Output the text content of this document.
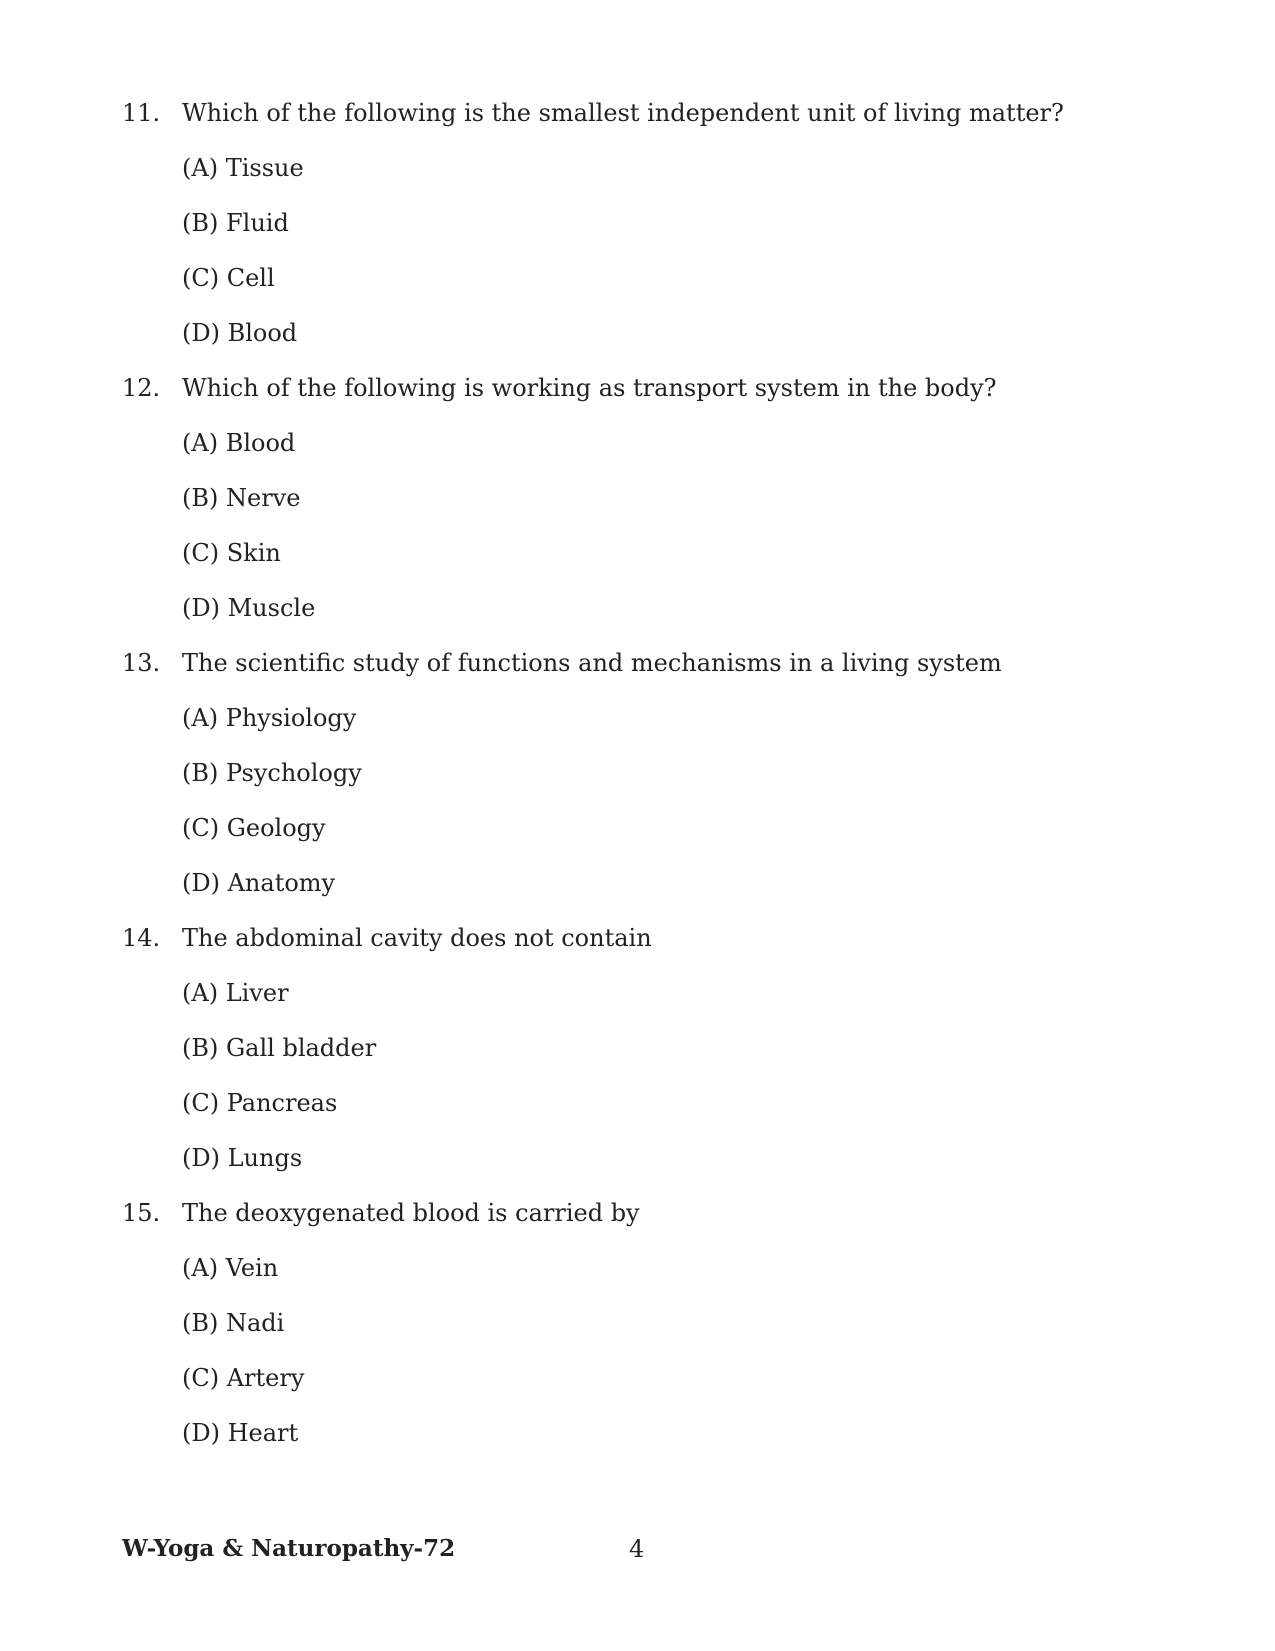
11. Which of the following is the smallest independent unit of living matter?
(A) Tissue
(B) Fluid
(C) Cell
(D) Blood
12. Which of the following is working as transport system in the body?
(A) Blood
(B) Nerve
(C) Skin
(D) Muscle
13. The scientific study of functions and mechanisms in a living system
(A) Physiology
(B) Psychology
(C) Geology
(D) Anatomy
14. The abdominal cavity does not contain
(A) Liver
(B) Gall bladder
(C) Pancreas
(D) Lungs
15. The deoxygenated blood is carried by
(A) Vein
(B) Nadi
(C) Artery
(D) Heart
W-Yoga & Naturopathy-72	4
